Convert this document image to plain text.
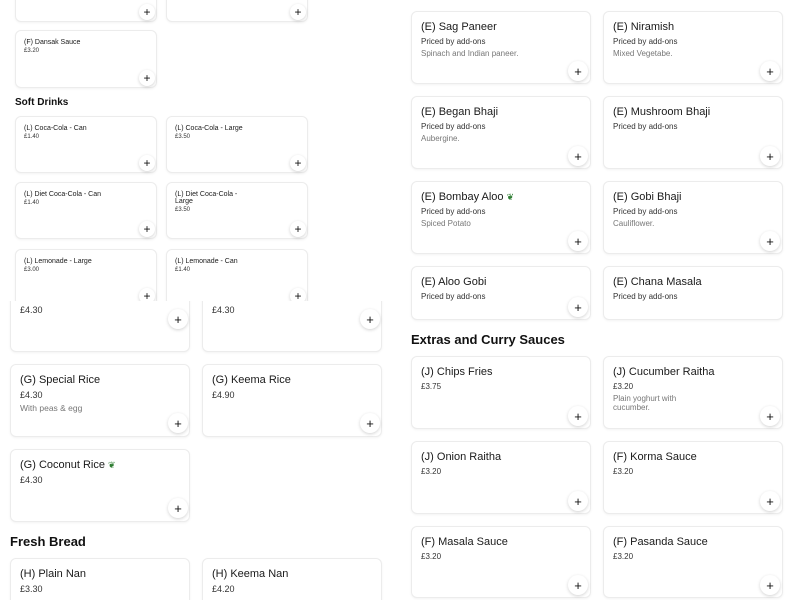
£4.30
+
£4.30
+
(G) Special Rice
£4.30
With peas & egg
+
(G) Keema Rice
£4.90
+
(G) Coconut Rice ❦
£4.30
+
Fresh Bread
(H) Plain Nan
£3.30
(H) Keema Nan
£4.20
+	+
(F) Dansak Sauce
£3.20
+
Soft Drinks
(L) Coca-Cola - Can
£1.40
+
(L) Coca-Cola - Large
£3.50
+
(L) Diet Coca-Cola - Can
£1.40
+
(L) Diet Coca-Cola - Large
£3.50
+
(L) Lemonade - Large
£3.00
+
(L) Lemonade - Can
£1.40
+
(E) Sag Paneer
Priced by add-ons
Spinach and Indian paneer.
+
(E) Niramish
Priced by add-ons
Mixed Vegetabe.
+
(E) Began Bhaji
Priced by add-ons
Aubergine.
+
(E) Mushroom Bhaji
Priced by add-ons
+
(E) Bombay Aloo ❦
Priced by add-ons
Spiced Potato
+
(E) Gobi Bhaji
Priced by add-ons
Cauliflower.
+
(E) Aloo Gobi
Priced by add-ons
+
(E) Chana Masala
Priced by add-ons
Extras and Curry Sauces
(J) Chips Fries
£3.75
+
(J) Cucumber Raitha
£3.20
Plain yoghurt with cucumber.
+
(J) Onion Raitha
£3.20
+
(F) Korma Sauce
£3.20
+
(F) Masala Sauce
£3.20
+
(F) Pasanda Sauce
£3.20
+
